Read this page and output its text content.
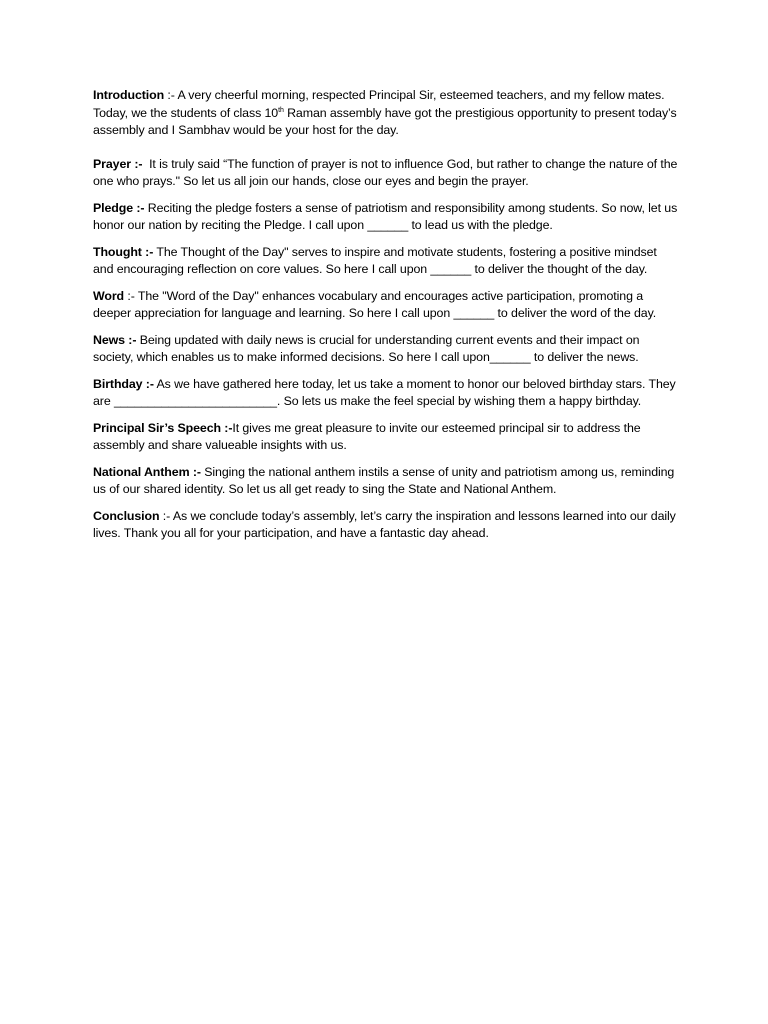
Introduction :- A very cheerful morning, respected Principal Sir, esteemed teachers, and my fellow mates. Today, we the students of class 10th Raman assembly have got the prestigious opportunity to present today’s assembly and I Sambhav would be your host for the day.

Prayer :-  It is truly said “The function of prayer is not to influence God, but rather to change the nature of the one who prays." So let us all join our hands, close our eyes and begin the prayer.

Pledge :- Reciting the pledge fosters a sense of patriotism and responsibility among students. So now, let us honor our nation by reciting the Pledge. I call upon ______ to lead us with the pledge.

Thought :- The Thought of the Day" serves to inspire and motivate students, fostering a positive mindset and encouraging reflection on core values. So here I call upon ______ to deliver the thought of the day.

Word :- The "Word of the Day" enhances vocabulary and encourages active participation, promoting a deeper appreciation for language and learning. So here I call upon ______ to deliver the word of the day.

News :- Being updated with daily news is crucial for understanding current events and their impact on society, which enables us to make informed decisions. So here I call upon______ to deliver the news.

Birthday :- As we have gathered here today, let us take a moment to honor our beloved birthday stars. They are ________________________. So lets us make the feel special by wishing them a happy birthday.

Principal Sir’s Speech :-It gives me great pleasure to invite our esteemed principal sir to address the assembly and share valueable insights with us.

National Anthem :- Singing the national anthem instils a sense of unity and patriotism among us, reminding us of our shared identity. So let us all get ready to sing the State and National Anthem.

Conclusion :- As we conclude today’s assembly, let’s carry the inspiration and lessons learned into our daily lives. Thank you all for your participation, and have a fantastic day ahead.
